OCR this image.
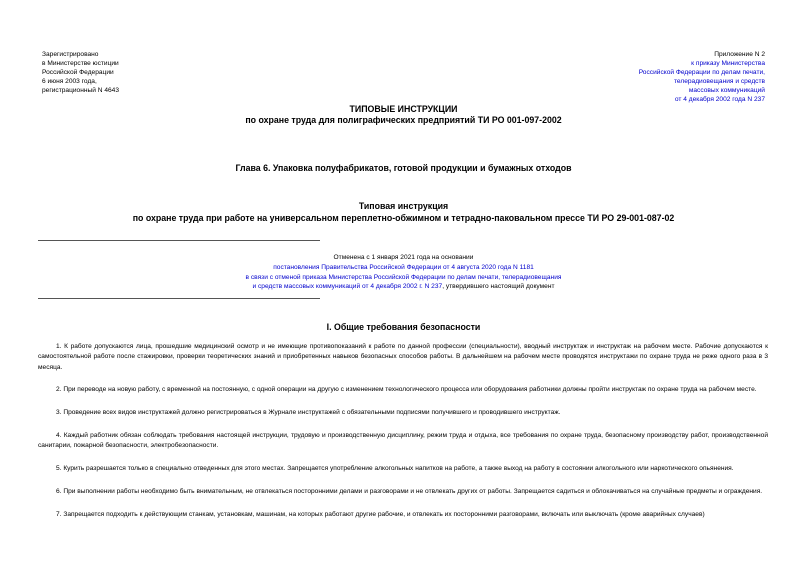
Зарегистрировано
в Министерстве юстиции
Российской Федерации
6 июня 2003 года,
регистрационный N 4643
Приложение N 2
к приказу Министерства
Российской Федерации по делам печати,
телерадиовещания и средств
массовых коммуникаций
от 4 декабря 2002 года N 237
ТИПОВЫЕ ИНСТРУКЦИИ
по охране труда для полиграфических предприятий ТИ РО 001-097-2002
Глава 6. Упаковка полуфабрикатов, готовой продукции и бумажных отходов
Типовая инструкция
по охране труда при работе на универсальном переплетно-обжимном и тетрадно-паковальном прессе ТИ РО 29-001-087-02
Отменена с 1 января 2021 года на основании
постановления Правительства Российской Федерации от 4 августа 2020 года N 1181
в связи с отменой приказа Министерства Российской Федерации по делам печати, телерадиовещания
и средств массовых коммуникаций от 4 декабря 2002 г. N 237, утвердившего настоящий документ
I. Общие требования безопасности

1. К работе допускаются лица, прошедшие медицинский осмотр и не имеющие противопоказаний к работе по данной профессии (специальности), вводный инструктаж и инструктаж на рабочем месте. Рабочие допускаются к самостоятельной работе после стажировки, проверки теоретических знаний и приобретенных навыков безопасных способов работы. В дальнейшем на рабочем месте проводятся инструктажи по охране труда не реже одного раза в 3 месяца.

2. При переводе на новую работу, с временной на постоянную, с одной операции на другую с изменением технологического процесса или оборудования работники должны пройти инструктаж по охране труда на рабочем месте.

3. Проведение всех видов инструктажей должно регистрироваться в Журнале инструктажей с обязательными подписями получившего и проводившего инструктаж.

4. Каждый работник обязан соблюдать требования настоящей инструкции, трудовую и производственную дисциплину, режим труда и отдыха, все требования по охране труда, безопасному производству работ, производственной санитарии, пожарной безопасности, электробезопасности.

5. Курить разрешается только в специально отведенных для этого местах. Запрещается употребление алкогольных напитков на работе, а также выход на работу в состоянии алкогольного или наркотического опьянения.

6. При выполнении работы необходимо быть внимательным, не отвлекаться посторонними делами и разговорами и не отвлекать других от работы. Запрещается садиться и облокачиваться на случайные предметы и ограждения.

7. Запрещается подходить к действующим станкам, установкам, машинам, на которых работают другие рабочие, и отвлекать их посторонними разговорами, включать или выключать (кроме аварийных случаев)
